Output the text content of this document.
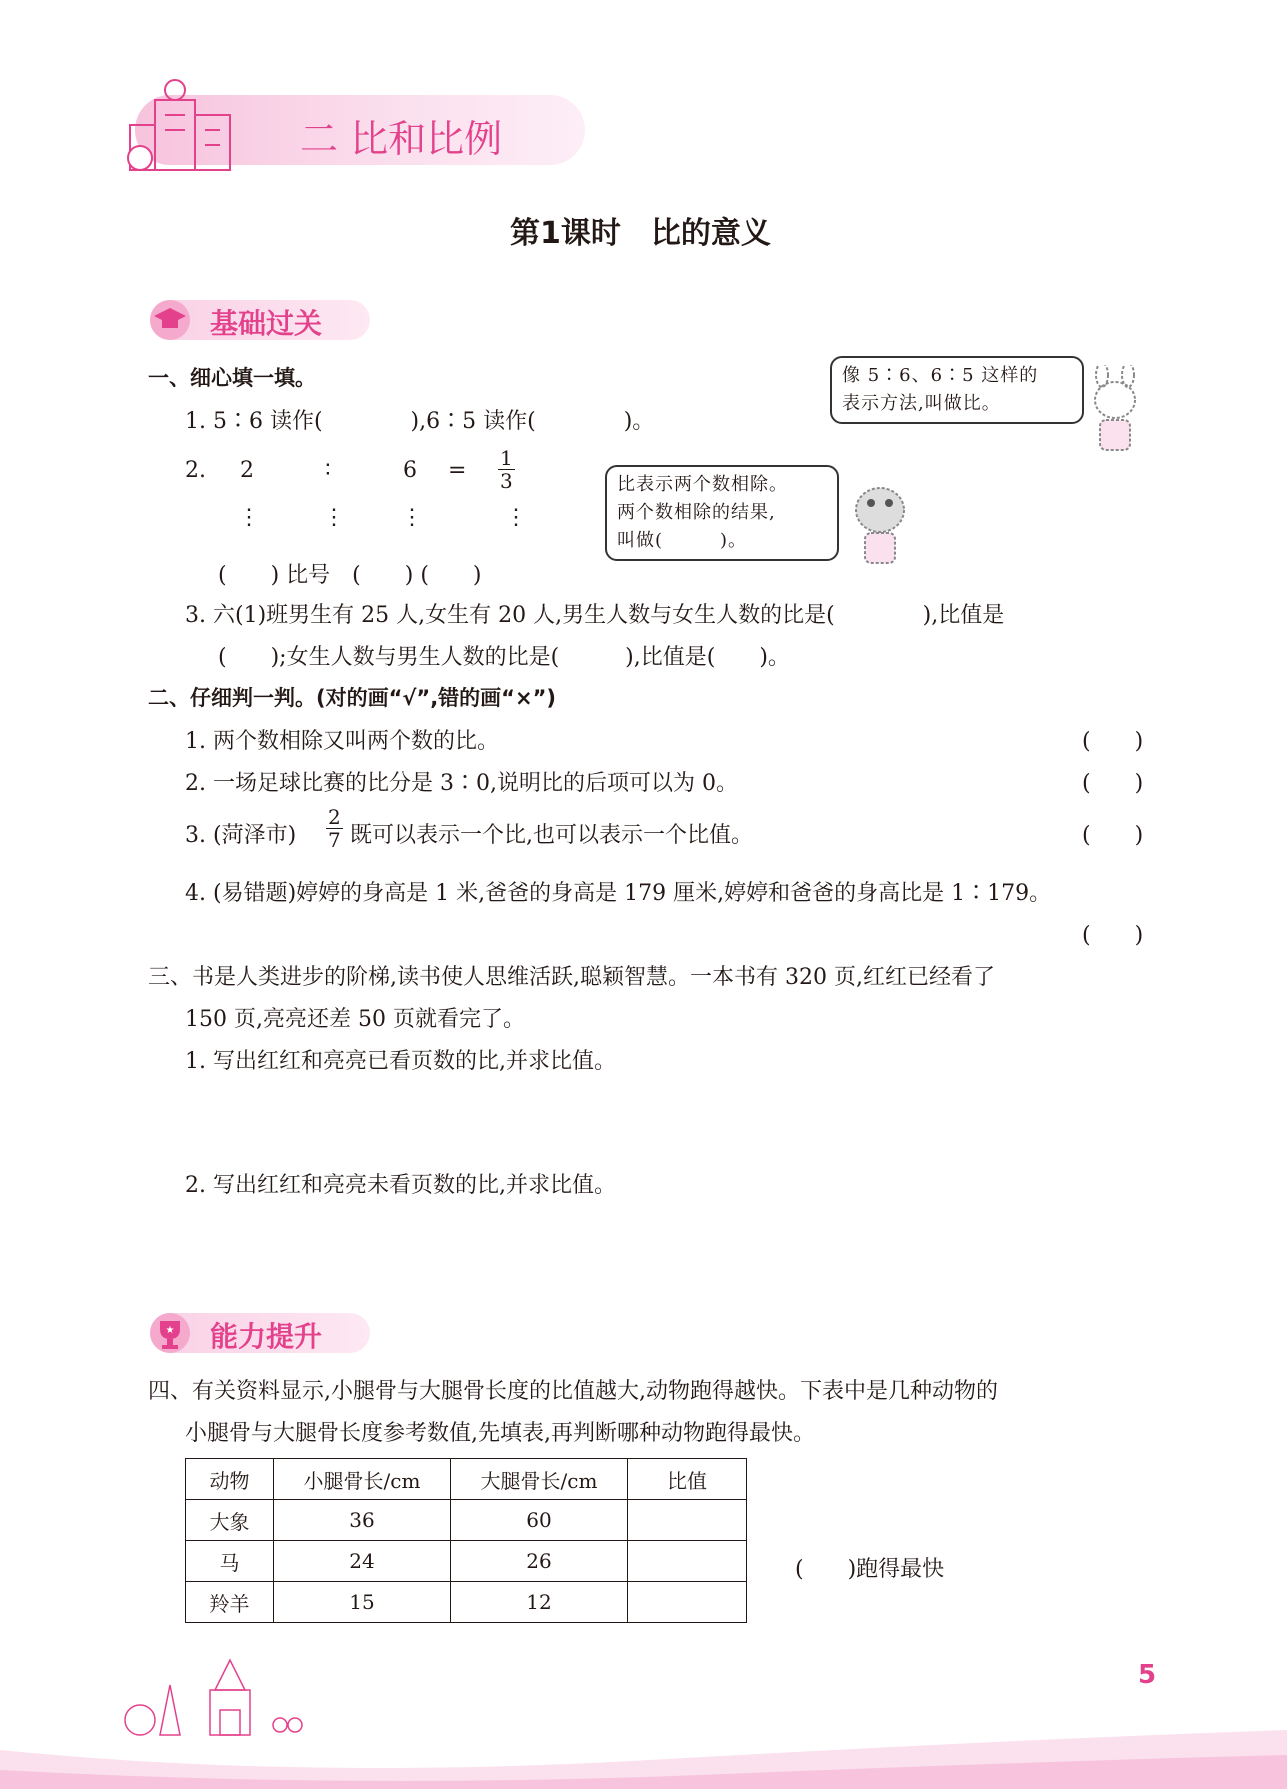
二 比和比例
第1课时　比的意义
基础过关
一、细心填一填。
1. 5∶6 读作(　　　　),6∶5 读作(　　　　)。
2. 2	∶	$6 = \frac{1}{3}$
⋮	⋮	⋮	⋮
(　　) 比号　(　　) (　　)
3. 六(1)班男生有 25 人,女生有 20 人,男生人数与女生人数的比是(　　　　),比值是
(　　);女生人数与男生人数的比是(　　　),比值是(　　)。
像 5∶6、6∶5 这样的
表示方法,叫做比。
比表示两个数相除。
两个数相除的结果,
叫做(　　　)。
二、仔细判一判。(对的画“√”,错的画“×”)
1. 两个数相除又叫两个数的比。	(　　)
2. 一场足球比赛的比分是 3∶0,说明比的后项可以为 0。	(　　)
3. (菏泽市) $\frac{2}{7}$ 既可以表示一个比,也可以表示一个比值。	(　　)
4. (易错题)婷婷的身高是 1 米,爸爸的身高是 179 厘米,婷婷和爸爸的身高比是 1∶179。
(　　)
三、书是人类进步的阶梯,读书使人思维活跃,聪颖智慧。一本书有 320 页,红红已经看了
150 页,亮亮还差 50 页就看完了。
1. 写出红红和亮亮已看页数的比,并求比值。
2. 写出红红和亮亮未看页数的比,并求比值。
★ 能力提升
四、有关资料显示,小腿骨与大腿骨长度的比值越大,动物跑得越快。下表中是几种动物的
小腿骨与大腿骨长度参考数值,先填表,再判断哪种动物跑得最快。
动物	小腿骨长/cm	大腿骨长/cm	比值
大象	36	60	
马	24	26	
羚羊	15	12	
(　　)跑得最快
5
